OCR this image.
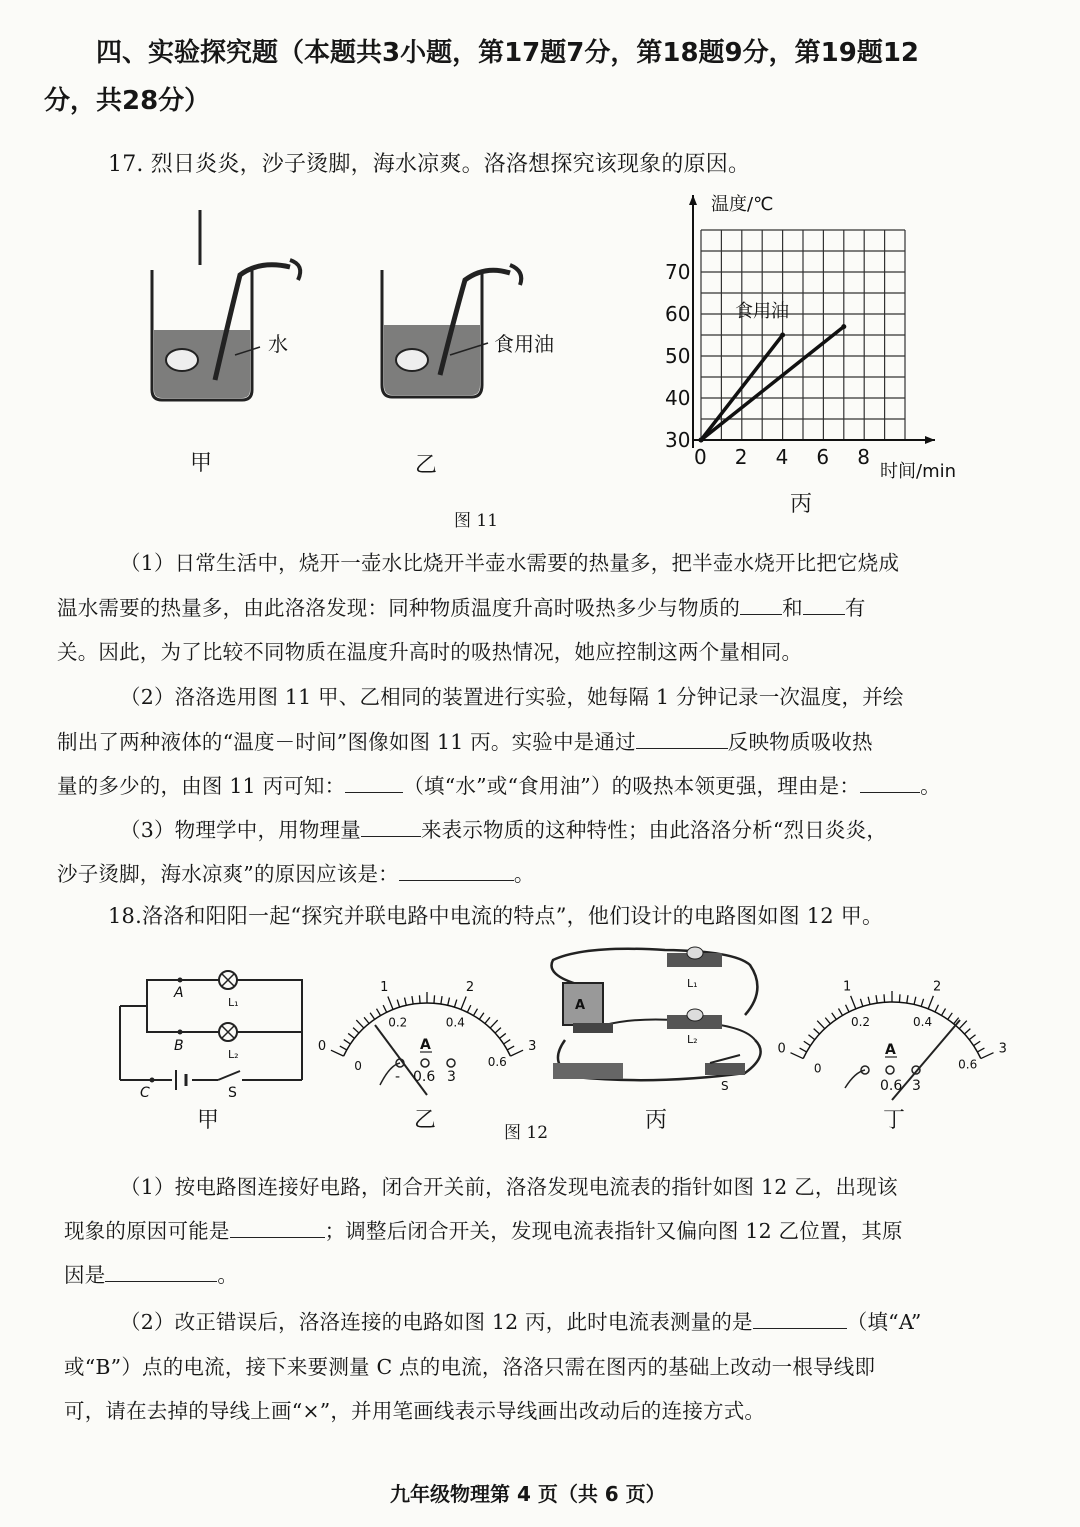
四、实验探究题（本题共3小题，第17题7分，第18题9分，第19题12
分，共28分）
17. 烈日炎炎，沙子烫脚，海水凉爽。洛洛想探究该现象的原因。
水
甲
食用油
乙
30
40
50
60
70
0 2 4 6 8
温度/℃
时间/min
食用油
丙
图 11
（1）日常生活中，烧开一壶水比烧开半壶水需要的热量多，把半壶水烧开比把它烧成
温水需要的热量多，由此洛洛发现：同种物质温度升高时吸热多少与物质的 和 有
关。因此，为了比较不同物质在温度升高时的吸热情况，她应控制这两个量相同。
（2）洛洛选用图 11 甲、乙相同的装置进行实验，她每隔 1 分钟记录一次温度，并绘
制出了两种液体的“温度－时间”图像如图 11 丙。实验中是通过	反映物质吸收热
量的多少的，由图 11 丙可知：	（填“水”或“食用油”）的吸热本领更强，理由是：	。
（3）物理学中，用物理量	来表示物质的这种特性；由此洛洛分析“烈日炎炎，
沙子烫脚，海水凉爽”的原因应该是：	。
18.洛洛和阳阳一起“探究并联电路中电流的特点”，他们设计的电路图如图 12 甲。
A
B
C	S
L₁
L₂
甲
0
1	2
3
0.2	0.4
0.6
0
A
- 0.6 3
乙
A
L₁
L₂
S
丙
图 12
0
1	2
3
0.2	0.4
0.6
0
A
0.6 3
丁
（1）按电路图连接好电路，闭合开关前，洛洛发现电流表的指针如图 12 乙，出现该
现象的原因可能是	；调整后闭合开关，发现电流表指针又偏向图 12 乙位置，其原
因是	。
（2）改正错误后，洛洛连接的电路如图 12 丙，此时电流表测量的是	（填“A”
或“B”）点的电流，接下来要测量 C 点的电流，洛洛只需在图丙的基础上改动一根导线即
可，请在去掉的导线上画“×”，并用笔画线表示导线画出改动后的连接方式。
九年级物理第 4 页（共 6 页）
